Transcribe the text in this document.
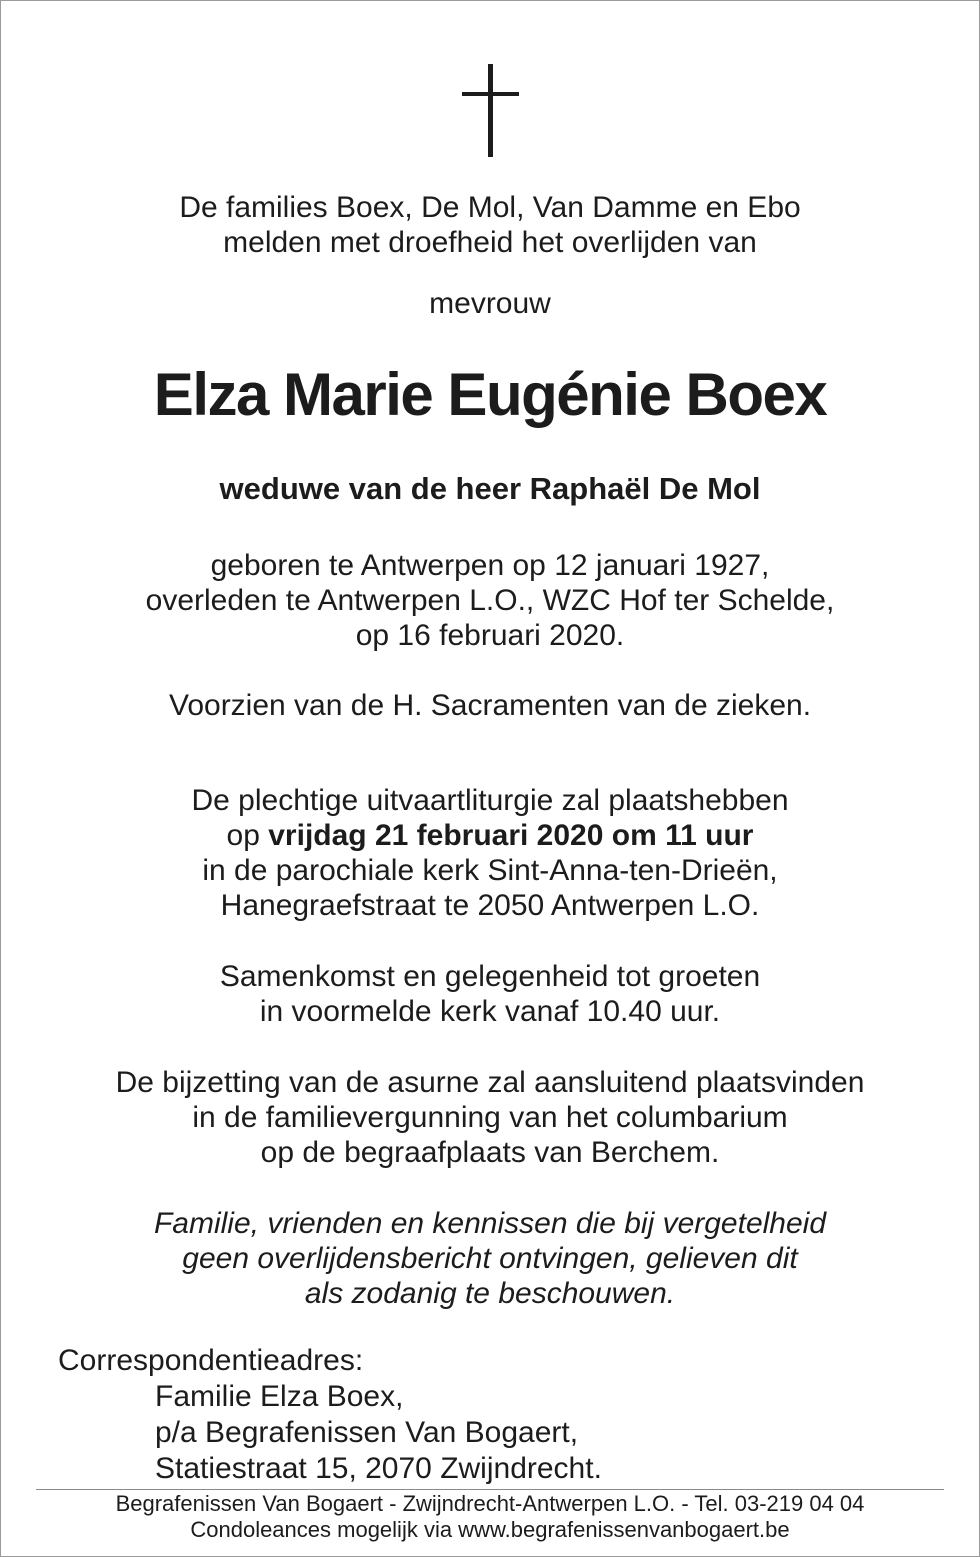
De families Boex, De Mol, Van Damme en Ebo
melden met droefheid het overlijden van
mevrouw
Elza Marie Eugénie Boex
weduwe van de heer Raphaël De Mol
geboren te Antwerpen op 12 januari 1927,
overleden te Antwerpen L.O., WZC Hof ter Schelde,
op 16 februari 2020.
Voorzien van de H. Sacramenten van de zieken.
De plechtige uitvaartliturgie zal plaatshebben
op vrijdag 21 februari 2020 om 11 uur
in de parochiale kerk Sint-Anna-ten-Drieën,
Hanegraefstraat te 2050 Antwerpen L.O.
Samenkomst en gelegenheid tot groeten
in voormelde kerk vanaf 10.40 uur.
De bijzetting van de asurne zal aansluitend plaatsvinden
in de familievergunning van het columbarium
op de begraafplaats van Berchem.
Familie, vrienden en kennissen die bij vergetelheid
geen overlijdensbericht ontvingen, gelieven dit
als zodanig te beschouwen.
Correspondentieadres:
Familie Elza Boex,
p/a Begrafenissen Van Bogaert,
Statiestraat 15, 2070 Zwijndrecht.
Begrafenissen Van Bogaert - Zwijndrecht-Antwerpen L.O. - Tel. 03-219 04 04
Condoleances mogelijk via www.begrafenissenvanbogaert.be
